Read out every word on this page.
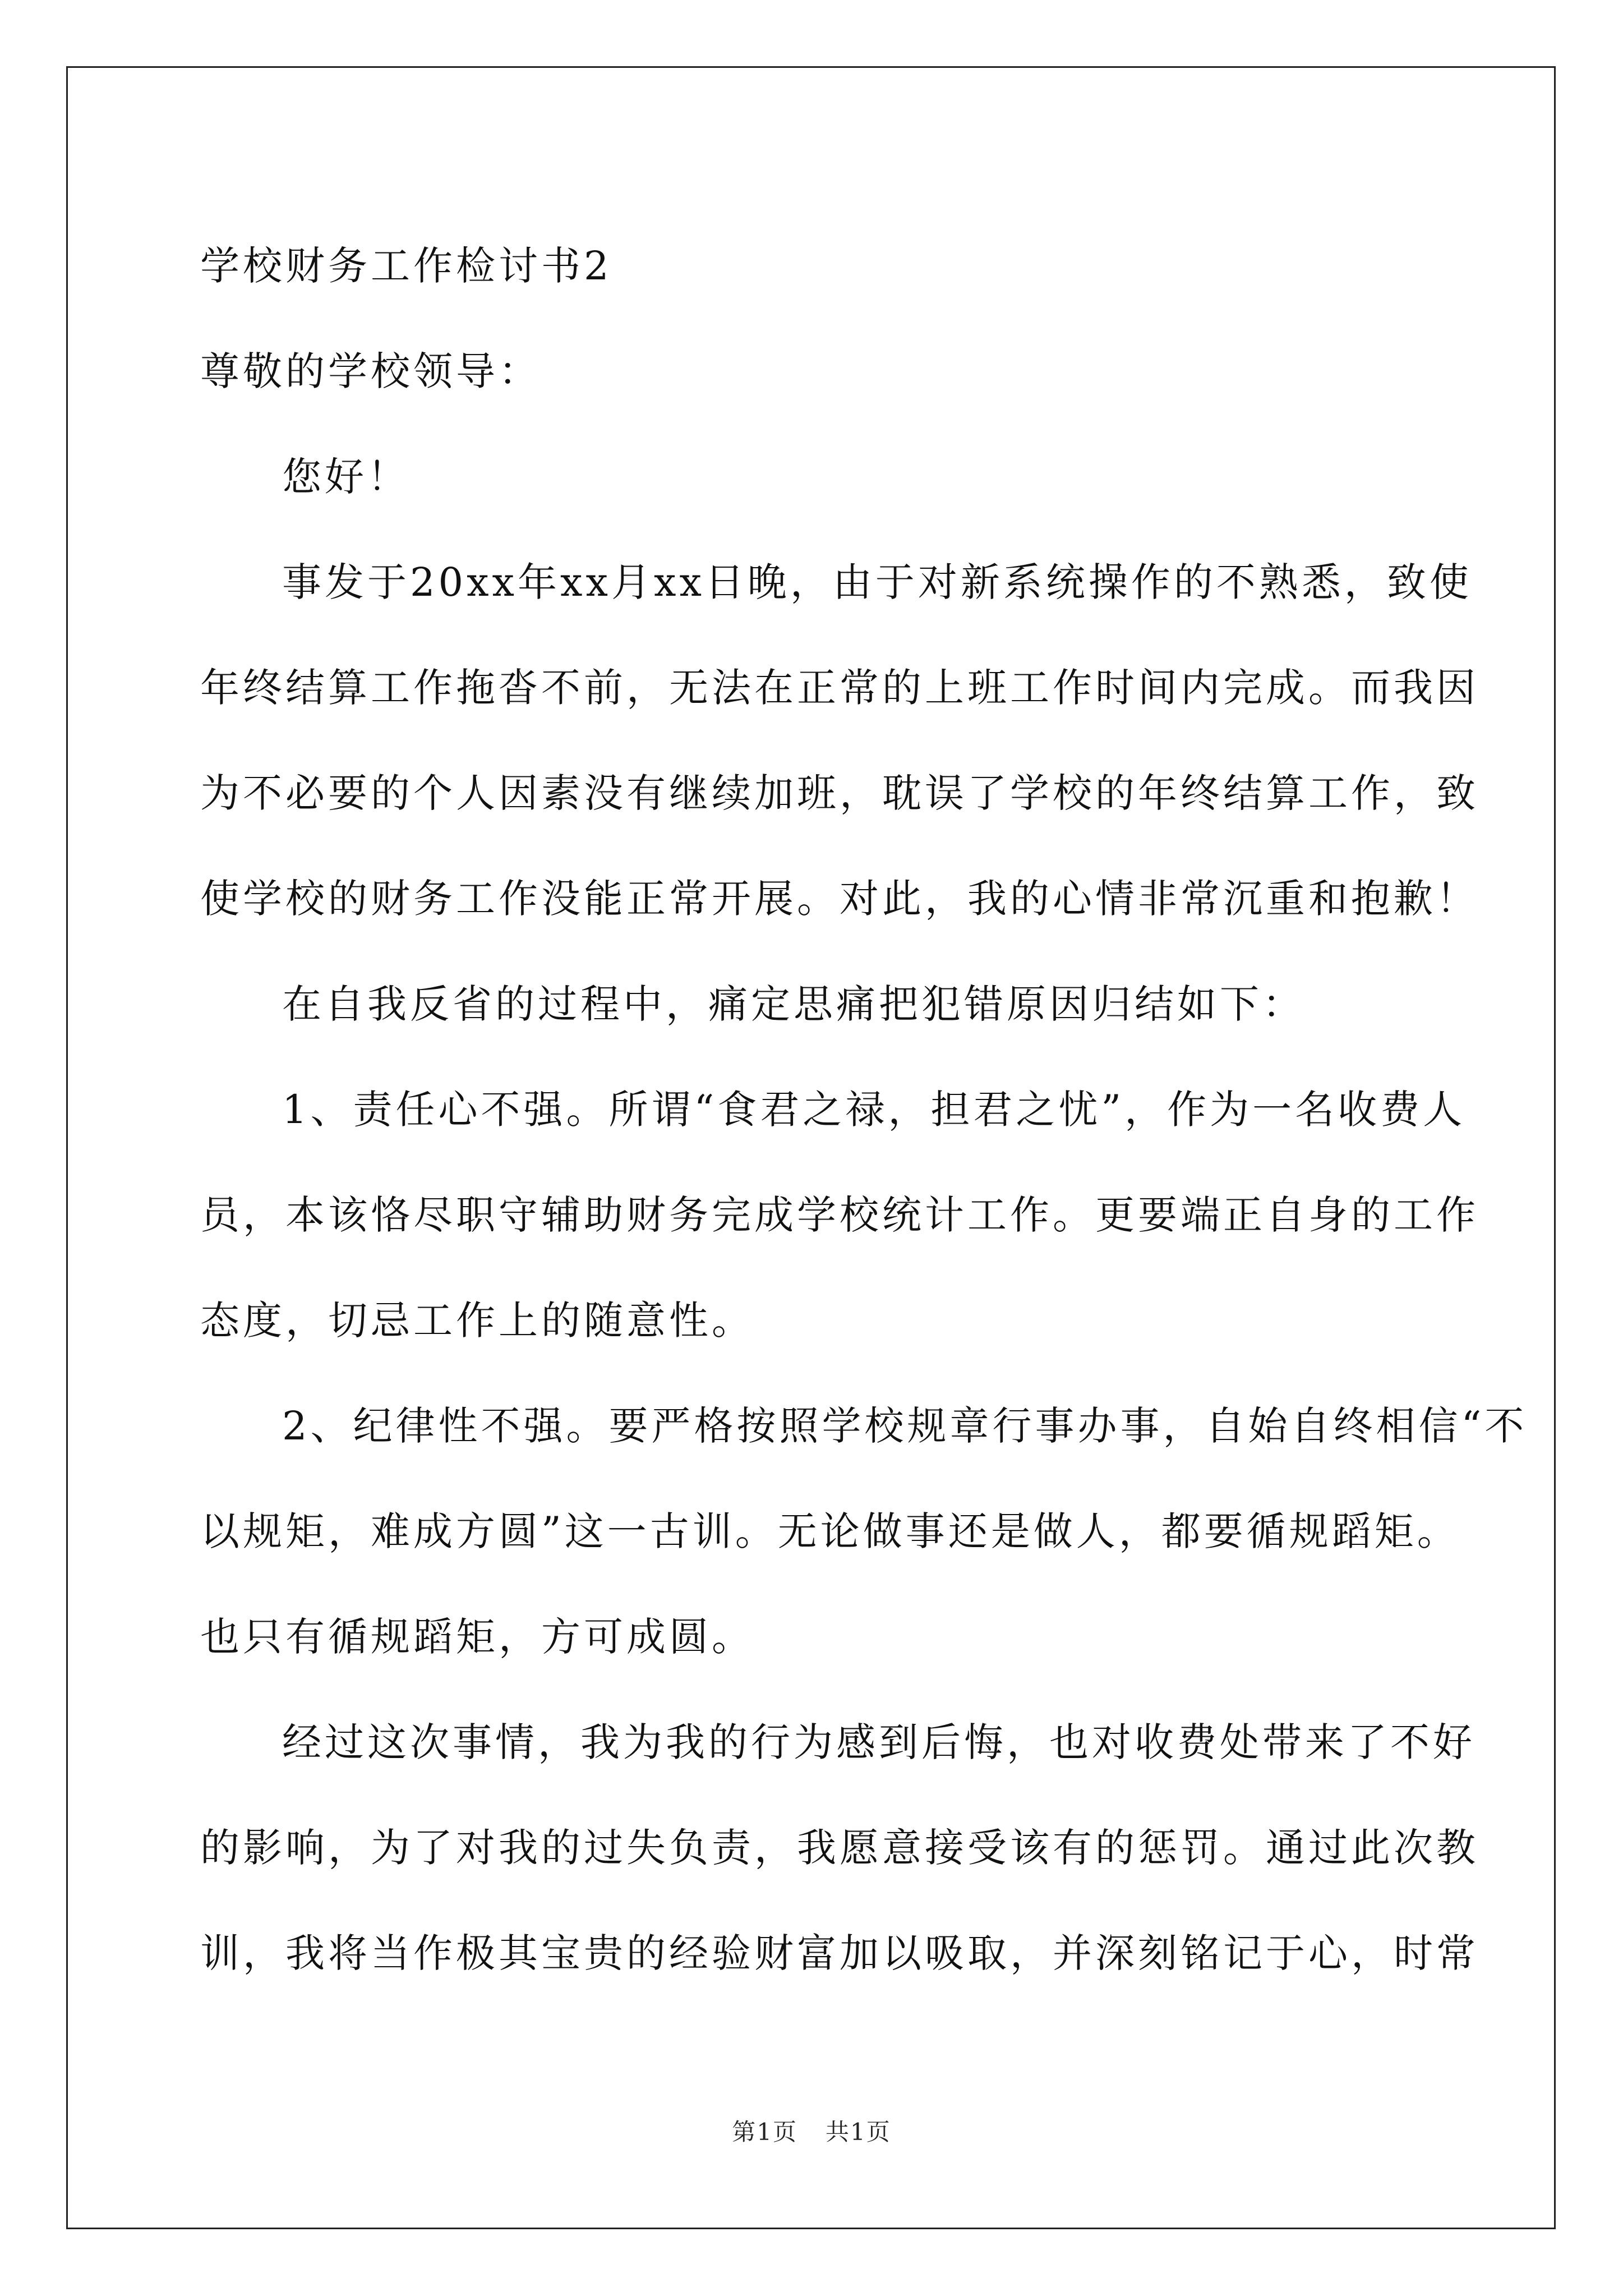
学校财务工作检讨书2
尊敬的学校领导：
您好！
事发于20xx年xx月xx日晚，由于对新系统操作的不熟悉，致使
年终结算工作拖沓不前，无法在正常的上班工作时间内完成。而我因
为不必要的个人因素没有继续加班，耽误了学校的年终结算工作，致
使学校的财务工作没能正常开展。对此，我的心情非常沉重和抱歉！
在自我反省的过程中，痛定思痛把犯错原因归结如下：
1、责任心不强。所谓“食君之禄，担君之忧”，作为一名收费人
员，本该恪尽职守辅助财务完成学校统计工作。更要端正自身的工作
态度，切忌工作上的随意性。
2、纪律性不强。要严格按照学校规章行事办事，自始自终相信“不
以规矩，难成方圆”这一古训。无论做事还是做人，都要循规蹈矩。
也只有循规蹈矩，方可成圆。
经过这次事情，我为我的行为感到后悔，也对收费处带来了不好
的影响，为了对我的过失负责，我愿意接受该有的惩罚。通过此次教
训，我将当作极其宝贵的经验财富加以吸取，并深刻铭记于心，时常
第1页 共1页
